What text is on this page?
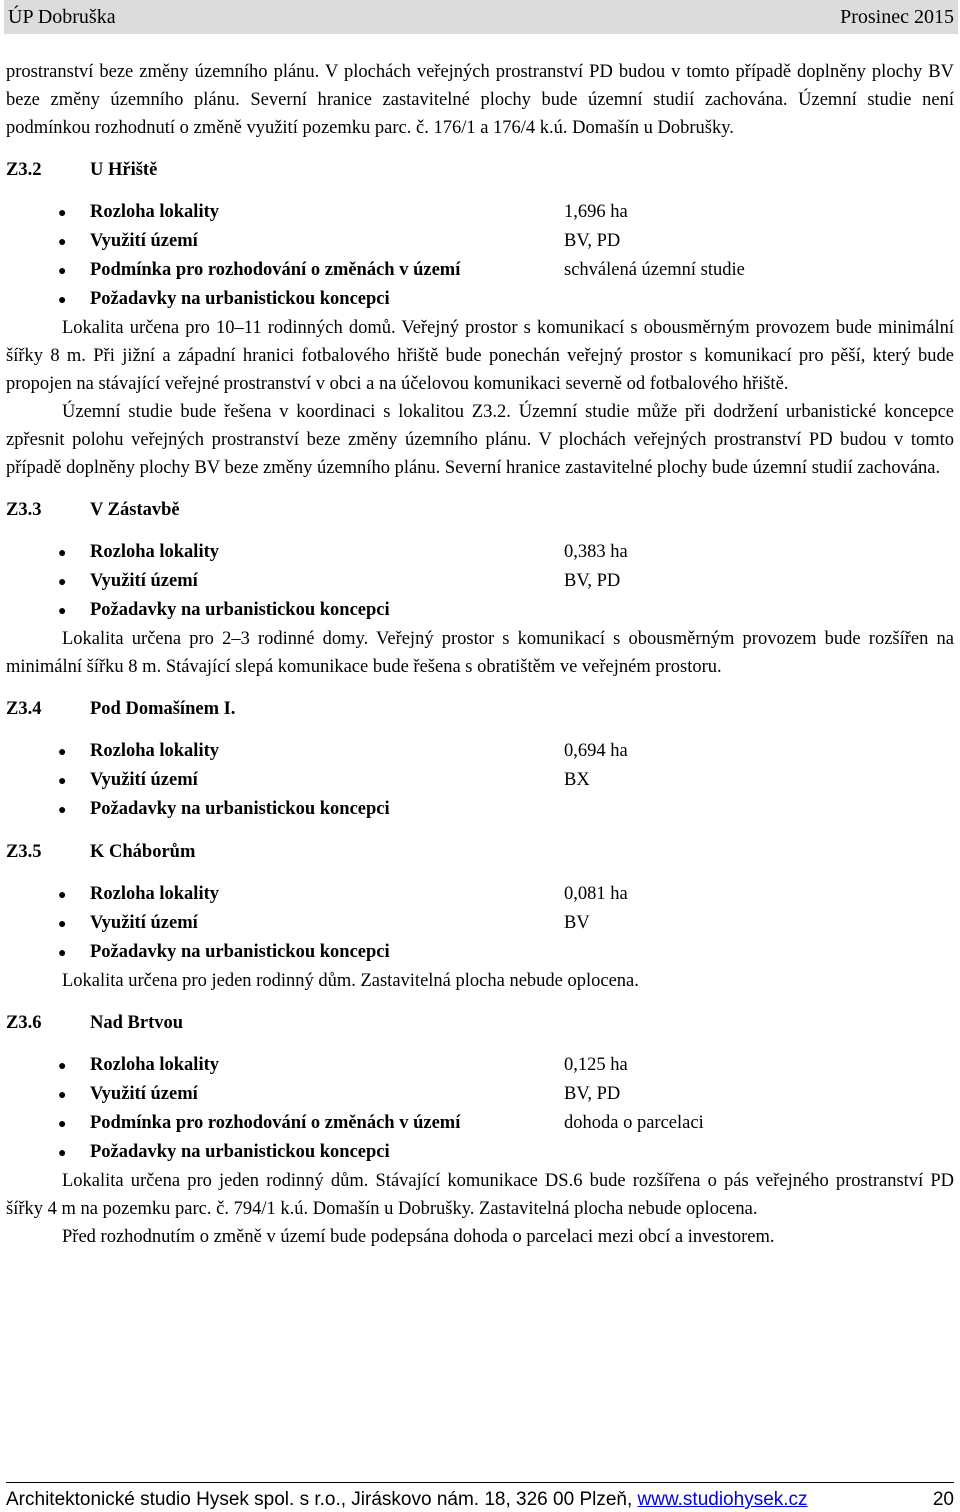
ÚP Dobruška	Prosinec 2015

prostranství beze změny územního plánu. V plochách veřejných prostranství PD budou v tomto případě doplněny plochy BV beze změny územního plánu. Severní hranice zastavitelné plochy bude územní studií zachována. Územní studie není podmínkou rozhodnutí o změně využití pozemku parc. č. 176/1 a 176/4 k.ú. Domašín u Dobrušky.

Z3.2	U Hřiště
●	Rozloha lokality	1,696 ha
●	Využití území	BV, PD
●	Podmínka pro rozhodování o změnách v území	schválená územní studie
●	Požadavky na urbanistickou koncepci

Lokalita určena pro 10–11 rodinných domů. Veřejný prostor s komunikací s obousměrným provozem bude minimální šířky 8 m. Při jižní a západní hranici fotbalového hřiště bude ponechán veřejný prostor s komunikací pro pěší, který bude propojen na stávající veřejné prostranství v obci a na účelovou komunikaci severně od fotbalového hřiště.

Územní studie bude řešena v koordinaci s lokalitou Z3.2. Územní studie může při dodržení urbanistické koncepce zpřesnit polohu veřejných prostranství beze změny územního plánu. V plochách veřejných prostranství PD budou v tomto případě doplněny plochy BV beze změny územního plánu. Severní hranice zastavitelné plochy bude územní studií zachována.

Z3.3	V Zástavbě
●	Rozloha lokality	0,383 ha
●	Využití území	BV, PD
●	Požadavky na urbanistickou koncepci

Lokalita určena pro 2–3 rodinné domy. Veřejný prostor s komunikací s obousměrným provozem bude rozšířen na minimální šířku 8 m. Stávající slepá komunikace bude řešena s obratištěm ve veřejném prostoru.

Z3.4	Pod Domašínem I.
●	Rozloha lokality	0,694 ha
●	Využití území	BX
●	Požadavky na urbanistickou koncepci
Z3.5	K Cháborům
●	Rozloha lokality	0,081 ha
●	Využití území	BV
●	Požadavky na urbanistickou koncepci

Lokalita určena pro jeden rodinný dům. Zastavitelná plocha nebude oplocena.

Z3.6	Nad Brtvou
●	Rozloha lokality	0,125 ha
●	Využití území	BV, PD
●	Podmínka pro rozhodování o změnách v území	dohoda o parcelaci
●	Požadavky na urbanistickou koncepci

Lokalita určena pro jeden rodinný dům. Stávající komunikace DS.6 bude rozšířena o pás veřejného prostranství PD šířky 4 m na pozemku parc. č. 794/1 k.ú. Domašín u Dobrušky. Zastavitelná plocha nebude oplocena.

Před rozhodnutím o změně v území bude podepsána dohoda o parcelaci mezi obcí a investorem.

Architektonické studio Hysek spol. s r.o., Jiráskovo nám. 18, 326 00 Plzeň, www.studiohysek.cz	20
